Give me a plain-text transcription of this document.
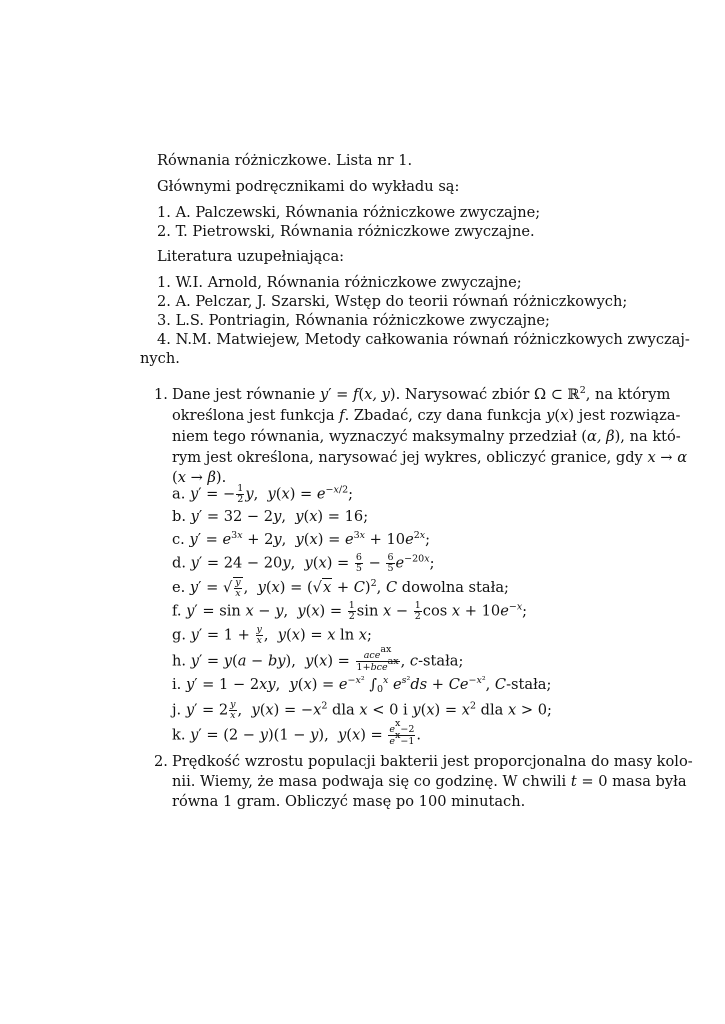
Równania różniczkowe. Lista nr 1.
Głównymi podręcznikami do wykładu są:
1. A. Palczewski, Równania różniczkowe zwyczajne;
2. T. Pietrowski, Równania różniczkowe zwyczajne.
Literatura uzupełniająca:
1. W.I. Arnold, Równania różniczkowe zwyczajne;
2. A. Pelczar, J. Szarski, Wstęp do teorii równań różniczkowych;
3. L.S. Pontriagin, Równania różniczkowe zwyczajne;
4. N.M. Matwiejew, Metody całkowania równań różniczkowych zwyczaj-
nych.
1. Dane jest równanie y′ = f(x, y). Narysować zbiór Ω ⊂ ℝ$^2$, na którym
określona jest funkcja f. Zbadać, czy dana funkcja y(x) jest rozwiąza-
niem tego równania, wyznaczyć maksymalny przedział (α, β), na któ-
rym jest określona, narysować jej wykres, obliczyć granice, gdy x → α
(x → β).
a. y′ = − $\frac{1}{2} y$,  $y(x) = e^{-x/2}$;
b. y′ = 32 − 2y,  y(x) = 16;
c. $y' = e^{3x} + 2y$,  $y(x) = e^{3x} + 10e^{2x}$;
d. y′ = 24 − 20y,  $y(x) = \frac{6}{5} - \frac{6}{5} e^{-20x}$;
e. y′ = √ $\frac{y}{x}$ ,  $y(x) = (√x + C)^2$, C dowolna stała;
f. y′ = sin x − y,  $y(x) = \frac{1}{2}$ $\sin x - \frac{1}{2}$ $\cos x + 10e^{-x}$;
g. $y' = 1 + \frac{y}{x}$ ,  y(x) = x ln x;
h. y′ = y(a − by),  y(x) = ace$^{ax}$
1+bce$^{ax}$ , c-stała;
i. y′ = 1 − 2xy,  $y(x) = e^{-x^2}$ $\int_0^x$ $e^{s^2}ds + Ce^{-x^2}$, C-stała;
j. $y' = 2 \frac{y}{x}$ ,  $y(x) = -x^2$ dla x < 0 i $y(x) = x^2$ dla x > 0;
k. y′ = (2 − y)(1 − y),  $y(x) = \frac{e^x-2}{e^x-1}$ .
2. Prędkość wzrostu populacji bakterii jest proporcjonalna do masy kolo-
nii. Wiemy, że masa podwaja się co godzinę. W chwili t = 0 masa była
równa 1 gram. Obliczyć masę po 100 minutach.
